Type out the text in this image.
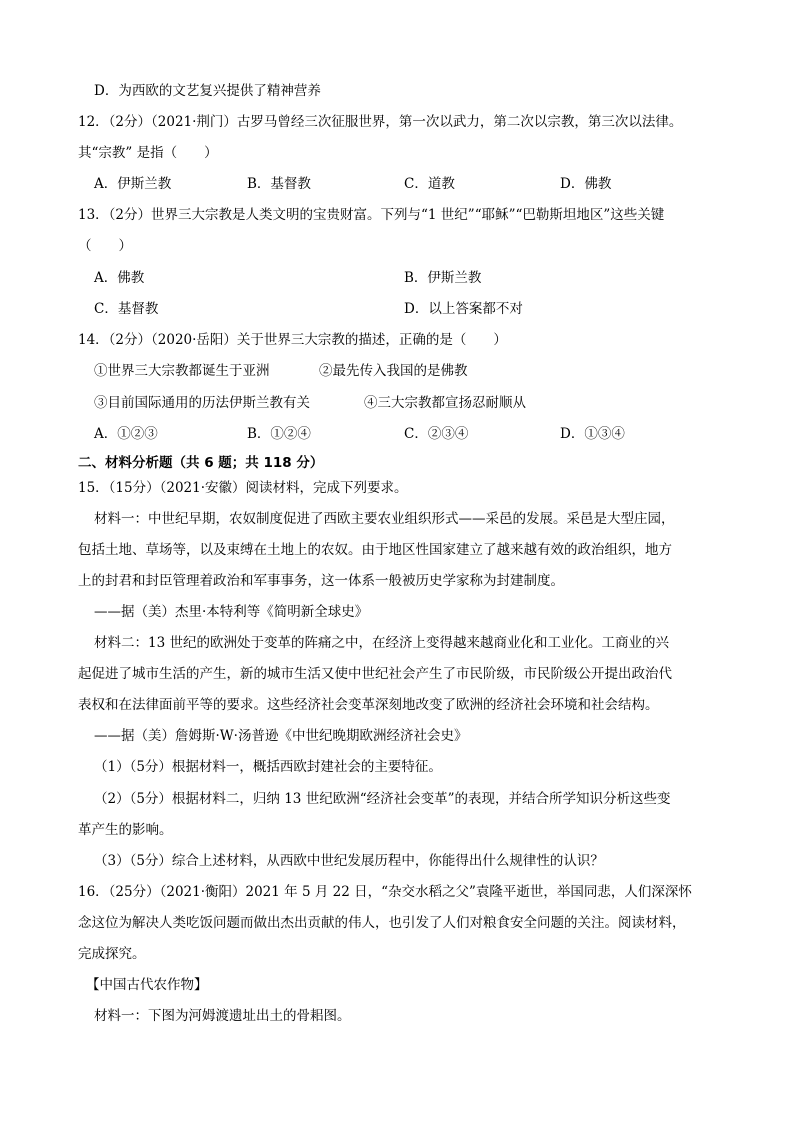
D．为西欧的文艺复兴提供了精神营养
12．（2分）（2021·荆门）古罗马曾经三次征服世界，第一次以武力，第二次以宗教，第三次以法律。
其“宗教” 是指（　　）
A．伊斯兰教	B．基督教	C．道教	D．佛教
13．（2分）世界三大宗教是人类文明的宝贵财富。下列与“1 世纪”“耶稣”“巴勒斯坦地区”这些关键
（　　）
A．佛教	B．伊斯兰教
C．基督教	D．以上答案都不对
14．（2分）（2020·岳阳）关于世界三大宗教的描述，正确的是（　　）
①世界三大宗教都诞生于亚洲	②最先传入我国的是佛教
③目前国际通用的历法伊斯兰教有关	④三大宗教都宣扬忍耐顺从
A．①②③	B．①②④	C．②③④	D．①③④
二、材料分析题（共 6 题；共 118 分）
15．（15分）（2021·安徽）阅读材料，完成下列要求。
材料一：中世纪早期，农奴制度促进了西欧主要农业组织形式——采邑的发展。采邑是大型庄园，
包括土地、草场等，以及束缚在土地上的农奴。由于地区性国家建立了越来越有效的政治组织，地方
上的封君和封臣管理着政治和军事事务，这一体系一般被历史学家称为封建制度。
——据（美）杰里·本特利等《简明新全球史》
材料二：13 世纪的欧洲处于变革的阵痛之中，在经济上变得越来越商业化和工业化。工商业的兴
起促进了城市生活的产生，新的城市生活又使中世纪社会产生了市民阶级，市民阶级公开提出政治代
表权和在法律面前平等的要求。这些经济社会变革深刻地改变了欧洲的经济社会环境和社会结构。
——据（美）詹姆斯·W·汤普逊《中世纪晚期欧洲经济社会史》
（1）（5分）根据材料一，概括西欧封建社会的主要特征。
（2）（5分）根据材料二，归纳 13 世纪欧洲“经济社会变革”的表现，并结合所学知识分析这些变
革产生的影响。
（3）（5分）综合上述材料，从西欧中世纪发展历程中，你能得出什么规律性的认识？
16．（25分）（2021·衡阳）2021 年 5 月 22 日，“杂交水稻之父”袁隆平逝世，举国同悲，人们深深怀
念这位为解决人类吃饭问题而做出杰出贡献的伟人，也引发了人们对粮食安全问题的关注。阅读材料，
完成探究。
【中国古代农作物】
材料一：下图为河姆渡遗址出土的骨耜图。
